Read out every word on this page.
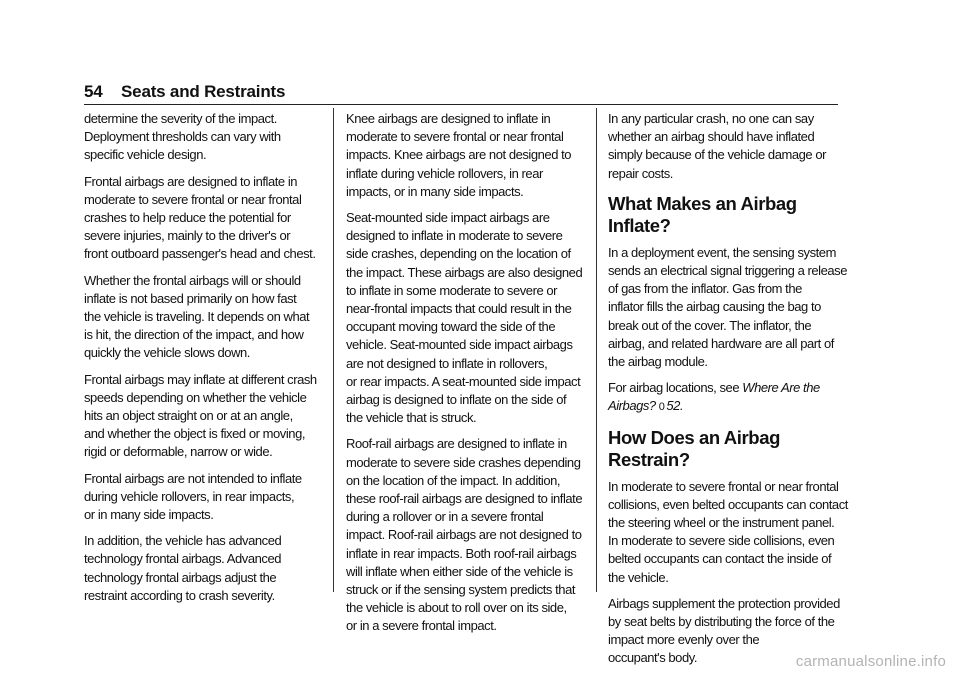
54 Seats and Restraints

determine the severity of the impact.
Deployment thresholds can vary with
specific vehicle design.

Frontal airbags are designed to inflate in
moderate to severe frontal or near frontal
crashes to help reduce the potential for
severe injuries, mainly to the driver's or
front outboard passenger's head and chest.

Whether the frontal airbags will or should
inflate is not based primarily on how fast
the vehicle is traveling. It depends on what
is hit, the direction of the impact, and how
quickly the vehicle slows down.

Frontal airbags may inflate at different crash
speeds depending on whether the vehicle
hits an object straight on or at an angle,
and whether the object is fixed or moving,
rigid or deformable, narrow or wide.

Frontal airbags are not intended to inflate
during vehicle rollovers, in rear impacts,
or in many side impacts.

In addition, the vehicle has advanced
technology frontal airbags. Advanced
technology frontal airbags adjust the
restraint according to crash severity.

Knee airbags are designed to inflate in
moderate to severe frontal or near frontal
impacts. Knee airbags are not designed to
inflate during vehicle rollovers, in rear
impacts, or in many side impacts.

Seat-mounted side impact airbags are
designed to inflate in moderate to severe
side crashes, depending on the location of
the impact. These airbags are also designed
to inflate in some moderate to severe or
near-frontal impacts that could result in the
occupant moving toward the side of the
vehicle. Seat-mounted side impact airbags
are not designed to inflate in rollovers,
or rear impacts. A seat-mounted side impact
airbag is designed to inflate on the side of
the vehicle that is struck.

Roof-rail airbags are designed to inflate in
moderate to severe side crashes depending
on the location of the impact. In addition,
these roof-rail airbags are designed to inflate
during a rollover or in a severe frontal
impact. Roof-rail airbags are not designed to
inflate in rear impacts. Both roof-rail airbags
will inflate when either side of the vehicle is
struck or if the sensing system predicts that
the vehicle is about to roll over on its side,
or in a severe frontal impact.

In any particular crash, no one can say
whether an airbag should have inflated
simply because of the vehicle damage or
repair costs.

What Makes an Airbag Inflate?

In a deployment event, the sensing system
sends an electrical signal triggering a release
of gas from the inflator. Gas from the
inflator fills the airbag causing the bag to
break out of the cover. The inflator, the
airbag, and related hardware are all part of
the airbag module.

For airbag locations, see Where Are the
Airbags? 0 52.

How Does an Airbag Restrain?

In moderate to severe frontal or near frontal
collisions, even belted occupants can contact
the steering wheel or the instrument panel.
In moderate to severe side collisions, even
belted occupants can contact the inside of
the vehicle.

Airbags supplement the protection provided
by seat belts by distributing the force of the
impact more evenly over the
occupant's body.	carmanualsonline.info
